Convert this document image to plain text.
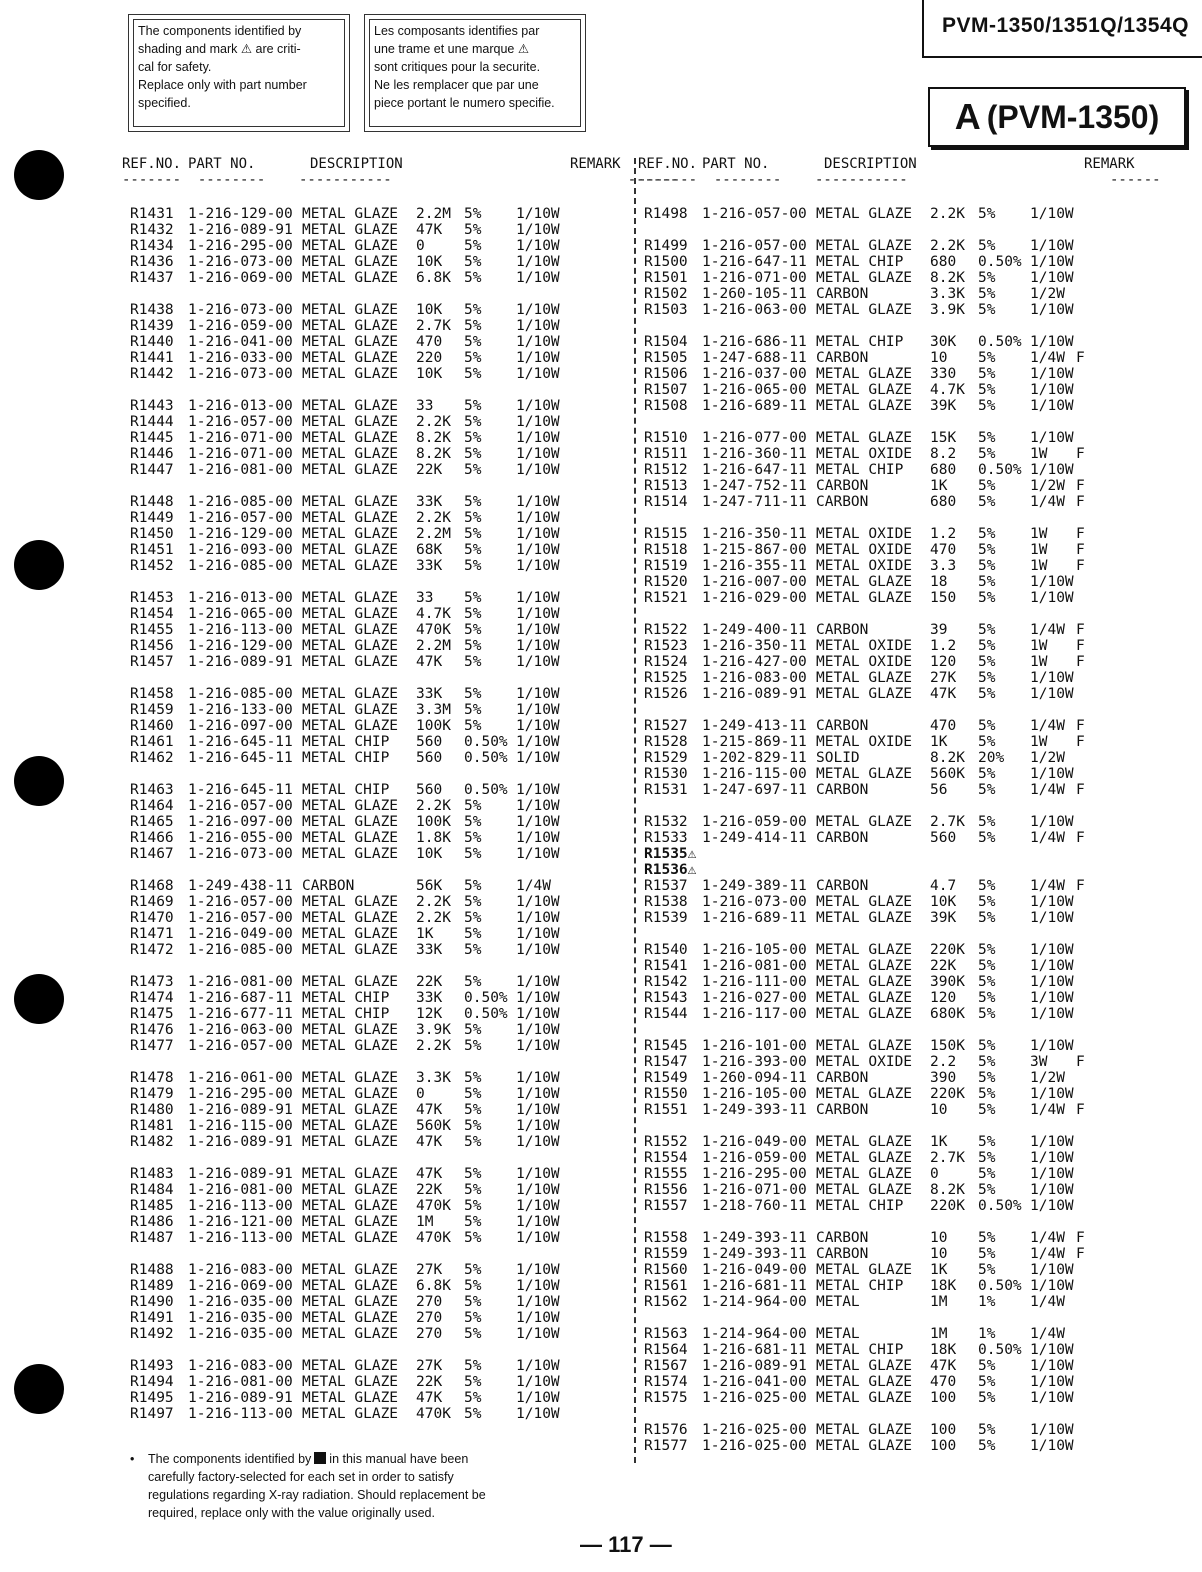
The components identified by
shading and mark ⚠ are criti-
cal for safety.
Replace only with part number
specified.
Les composants identifies par
une trame et une marque ⚠
sont critiques pour la securite.
Ne les remplacer que par une
piece portant le numero specifie.
PVM-1350/1351Q/1354Q
A (PVM-1350)
REF.NO. PART NO.	DESCRIPTION	REMARK
-------  --------    -----------                            ------
REF.NO. PART NO.	DESCRIPTION	REMARK
-------  --------    -----------                        ------
R1431 1-216-129-00 METAL GLAZE 2.2M 5% 1/10W
R1432 1-216-089-91 METAL GLAZE 47K 5% 1/10W
R1434 1-216-295-00 METAL GLAZE 0	5% 1/10W
R1436 1-216-073-00 METAL GLAZE 10K 5% 1/10W
R1437 1-216-069-00 METAL GLAZE 6.8K 5% 1/10W
R1438 1-216-073-00 METAL GLAZE 10K 5% 1/10W
R1439 1-216-059-00 METAL GLAZE 2.7K 5% 1/10W
R1440 1-216-041-00 METAL GLAZE 470 5% 1/10W
R1441 1-216-033-00 METAL GLAZE 220 5% 1/10W
R1442 1-216-073-00 METAL GLAZE 10K 5% 1/10W
R1443 1-216-013-00 METAL GLAZE 33 5% 1/10W
R1444 1-216-057-00 METAL GLAZE 2.2K 5% 1/10W
R1445 1-216-071-00 METAL GLAZE 8.2K 5% 1/10W
R1446 1-216-071-00 METAL GLAZE 8.2K 5% 1/10W
R1447 1-216-081-00 METAL GLAZE 22K 5% 1/10W
R1448 1-216-085-00 METAL GLAZE 33K 5% 1/10W
R1449 1-216-057-00 METAL GLAZE 2.2K 5% 1/10W
R1450 1-216-129-00 METAL GLAZE 2.2M 5% 1/10W
R1451 1-216-093-00 METAL GLAZE 68K 5% 1/10W
R1452 1-216-085-00 METAL GLAZE 33K 5% 1/10W
R1453 1-216-013-00 METAL GLAZE 33 5% 1/10W
R1454 1-216-065-00 METAL GLAZE 4.7K 5% 1/10W
R1455 1-216-113-00 METAL GLAZE 470K 5% 1/10W
R1456 1-216-129-00 METAL GLAZE 2.2M 5% 1/10W
R1457 1-216-089-91 METAL GLAZE 47K 5% 1/10W
R1458 1-216-085-00 METAL GLAZE 33K 5% 1/10W
R1459 1-216-133-00 METAL GLAZE 3.3M 5% 1/10W
R1460 1-216-097-00 METAL GLAZE 100K 5% 1/10W
R1461 1-216-645-11 METAL CHIP 560 0.50% 1/10W
R1462 1-216-645-11 METAL CHIP 560 0.50% 1/10W
R1463 1-216-645-11 METAL CHIP 560 0.50% 1/10W
R1464 1-216-057-00 METAL GLAZE 2.2K 5% 1/10W
R1465 1-216-097-00 METAL GLAZE 100K 5% 1/10W
R1466 1-216-055-00 METAL GLAZE 1.8K 5% 1/10W
R1467 1-216-073-00 METAL GLAZE 10K 5% 1/10W
R1468 1-249-438-11 CARBON	56K 5% 1/4W
R1469 1-216-057-00 METAL GLAZE 2.2K 5% 1/10W
R1470 1-216-057-00 METAL GLAZE 2.2K 5% 1/10W
R1471 1-216-049-00 METAL GLAZE 1K 5% 1/10W
R1472 1-216-085-00 METAL GLAZE 33K 5% 1/10W
R1473 1-216-081-00 METAL GLAZE 22K 5% 1/10W
R1474 1-216-687-11 METAL CHIP 33K 0.50% 1/10W
R1475 1-216-677-11 METAL CHIP 12K 0.50% 1/10W
R1476 1-216-063-00 METAL GLAZE 3.9K 5% 1/10W
R1477 1-216-057-00 METAL GLAZE 2.2K 5% 1/10W
R1478 1-216-061-00 METAL GLAZE 3.3K 5% 1/10W
R1479 1-216-295-00 METAL GLAZE 0	5% 1/10W
R1480 1-216-089-91 METAL GLAZE 47K 5% 1/10W
R1481 1-216-115-00 METAL GLAZE 560K 5% 1/10W
R1482 1-216-089-91 METAL GLAZE 47K 5% 1/10W
R1483 1-216-089-91 METAL GLAZE 47K 5% 1/10W
R1484 1-216-081-00 METAL GLAZE 22K 5% 1/10W
R1485 1-216-113-00 METAL GLAZE 470K 5% 1/10W
R1486 1-216-121-00 METAL GLAZE 1M 5% 1/10W
R1487 1-216-113-00 METAL GLAZE 470K 5% 1/10W
R1488 1-216-083-00 METAL GLAZE 27K 5% 1/10W
R1489 1-216-069-00 METAL GLAZE 6.8K 5% 1/10W
R1490 1-216-035-00 METAL GLAZE 270 5% 1/10W
R1491 1-216-035-00 METAL GLAZE 270 5% 1/10W
R1492 1-216-035-00 METAL GLAZE 270 5% 1/10W
R1493 1-216-083-00 METAL GLAZE 27K 5% 1/10W
R1494 1-216-081-00 METAL GLAZE 22K 5% 1/10W
R1495 1-216-089-91 METAL GLAZE 47K 5% 1/10W
R1497 1-216-113-00 METAL GLAZE 470K 5% 1/10W
R1498 1-216-057-00 METAL GLAZE 2.2K 5% 1/10W
R1499 1-216-057-00 METAL GLAZE 2.2K 5% 1/10W
R1500 1-216-647-11 METAL CHIP 680 0.50% 1/10W
R1501 1-216-071-00 METAL GLAZE 8.2K 5% 1/10W
R1502 1-260-105-11 CARBON	3.3K 5% 1/2W
R1503 1-216-063-00 METAL GLAZE 3.9K 5% 1/10W
R1504 1-216-686-11 METAL CHIP 30K 0.50% 1/10W
R1505 1-247-688-11 CARBON	10 5% 1/4W F
R1506 1-216-037-00 METAL GLAZE 330 5% 1/10W
R1507 1-216-065-00 METAL GLAZE 4.7K 5% 1/10W
R1508 1-216-689-11 METAL GLAZE 39K 5% 1/10W
R1510 1-216-077-00 METAL GLAZE 15K 5% 1/10W
R1511 1-216-360-11 METAL OXIDE 8.2 5% 1W F
R1512 1-216-647-11 METAL CHIP 680 0.50% 1/10W
R1513 1-247-752-11 CARBON	1K 5% 1/2W F
R1514 1-247-711-11 CARBON	680 5% 1/4W F
R1515 1-216-350-11 METAL OXIDE 1.2 5% 1W F
R1518 1-215-867-00 METAL OXIDE 470 5% 1W F
R1519 1-216-355-11 METAL OXIDE 3.3 5% 1W F
R1520 1-216-007-00 METAL GLAZE 18 5% 1/10W
R1521 1-216-029-00 METAL GLAZE 150 5% 1/10W
R1522 1-249-400-11 CARBON	39 5% 1/4W F
R1523 1-216-350-11 METAL OXIDE 1.2 5% 1W F
R1524 1-216-427-00 METAL OXIDE 120 5% 1W F
R1525 1-216-083-00 METAL GLAZE 27K 5% 1/10W
R1526 1-216-089-91 METAL GLAZE 47K 5% 1/10W
R1527 1-249-413-11 CARBON	470 5% 1/4W F
R1528 1-215-869-11 METAL OXIDE 1K 5% 1W F
R1529 1-202-829-11 SOLID	8.2K 20% 1/2W
R1530 1-216-115-00 METAL GLAZE 560K 5% 1/10W
R1531 1-247-697-11 CARBON	56 5% 1/4W F
R1532 1-216-059-00 METAL GLAZE 2.7K 5% 1/10W
R1533 1-249-414-11 CARBON	560 5% 1/4W F
R1535⚠
R1536⚠
R1537 1-249-389-11 CARBON	4.7 5% 1/4W F
R1538 1-216-073-00 METAL GLAZE 10K 5% 1/10W
R1539 1-216-689-11 METAL GLAZE 39K 5% 1/10W
R1540 1-216-105-00 METAL GLAZE 220K 5% 1/10W
R1541 1-216-081-00 METAL GLAZE 22K 5% 1/10W
R1542 1-216-111-00 METAL GLAZE 390K 5% 1/10W
R1543 1-216-027-00 METAL GLAZE 120 5% 1/10W
R1544 1-216-117-00 METAL GLAZE 680K 5% 1/10W
R1545 1-216-101-00 METAL GLAZE 150K 5% 1/10W
R1547 1-216-393-00 METAL OXIDE 2.2 5% 3W F
R1549 1-260-094-11 CARBON	390 5% 1/2W
R1550 1-216-105-00 METAL GLAZE 220K 5% 1/10W
R1551 1-249-393-11 CARBON	10 5% 1/4W F
R1552 1-216-049-00 METAL GLAZE 1K 5% 1/10W
R1554 1-216-059-00 METAL GLAZE 2.7K 5% 1/10W
R1555 1-216-295-00 METAL GLAZE 0	5% 1/10W
R1556 1-216-071-00 METAL GLAZE 8.2K 5% 1/10W
R1557 1-218-760-11 METAL CHIP 220K 0.50% 1/10W
R1558 1-249-393-11 CARBON	10 5% 1/4W F
R1559 1-249-393-11 CARBON	10 5% 1/4W F
R1560 1-216-049-00 METAL GLAZE 1K 5% 1/10W
R1561 1-216-681-11 METAL CHIP 18K 0.50% 1/10W
R1562 1-214-964-00 METAL	1M 1% 1/4W
R1563 1-214-964-00 METAL	1M 1% 1/4W
R1564 1-216-681-11 METAL CHIP 18K 0.50% 1/10W
R1567 1-216-089-91 METAL GLAZE 47K 5% 1/10W
R1574 1-216-041-00 METAL GLAZE 470 5% 1/10W
R1575 1-216-025-00 METAL GLAZE 100 5% 1/10W
R1576 1-216-025-00 METAL GLAZE 100 5% 1/10W
R1577 1-216-025-00 METAL GLAZE 100 5% 1/10W
• The components identified by in this manual have been carefully factory-selected for each set in order to satisfy regulations regarding X-ray radiation. Should replacement be required, replace only with the value originally used.
— 117 —
